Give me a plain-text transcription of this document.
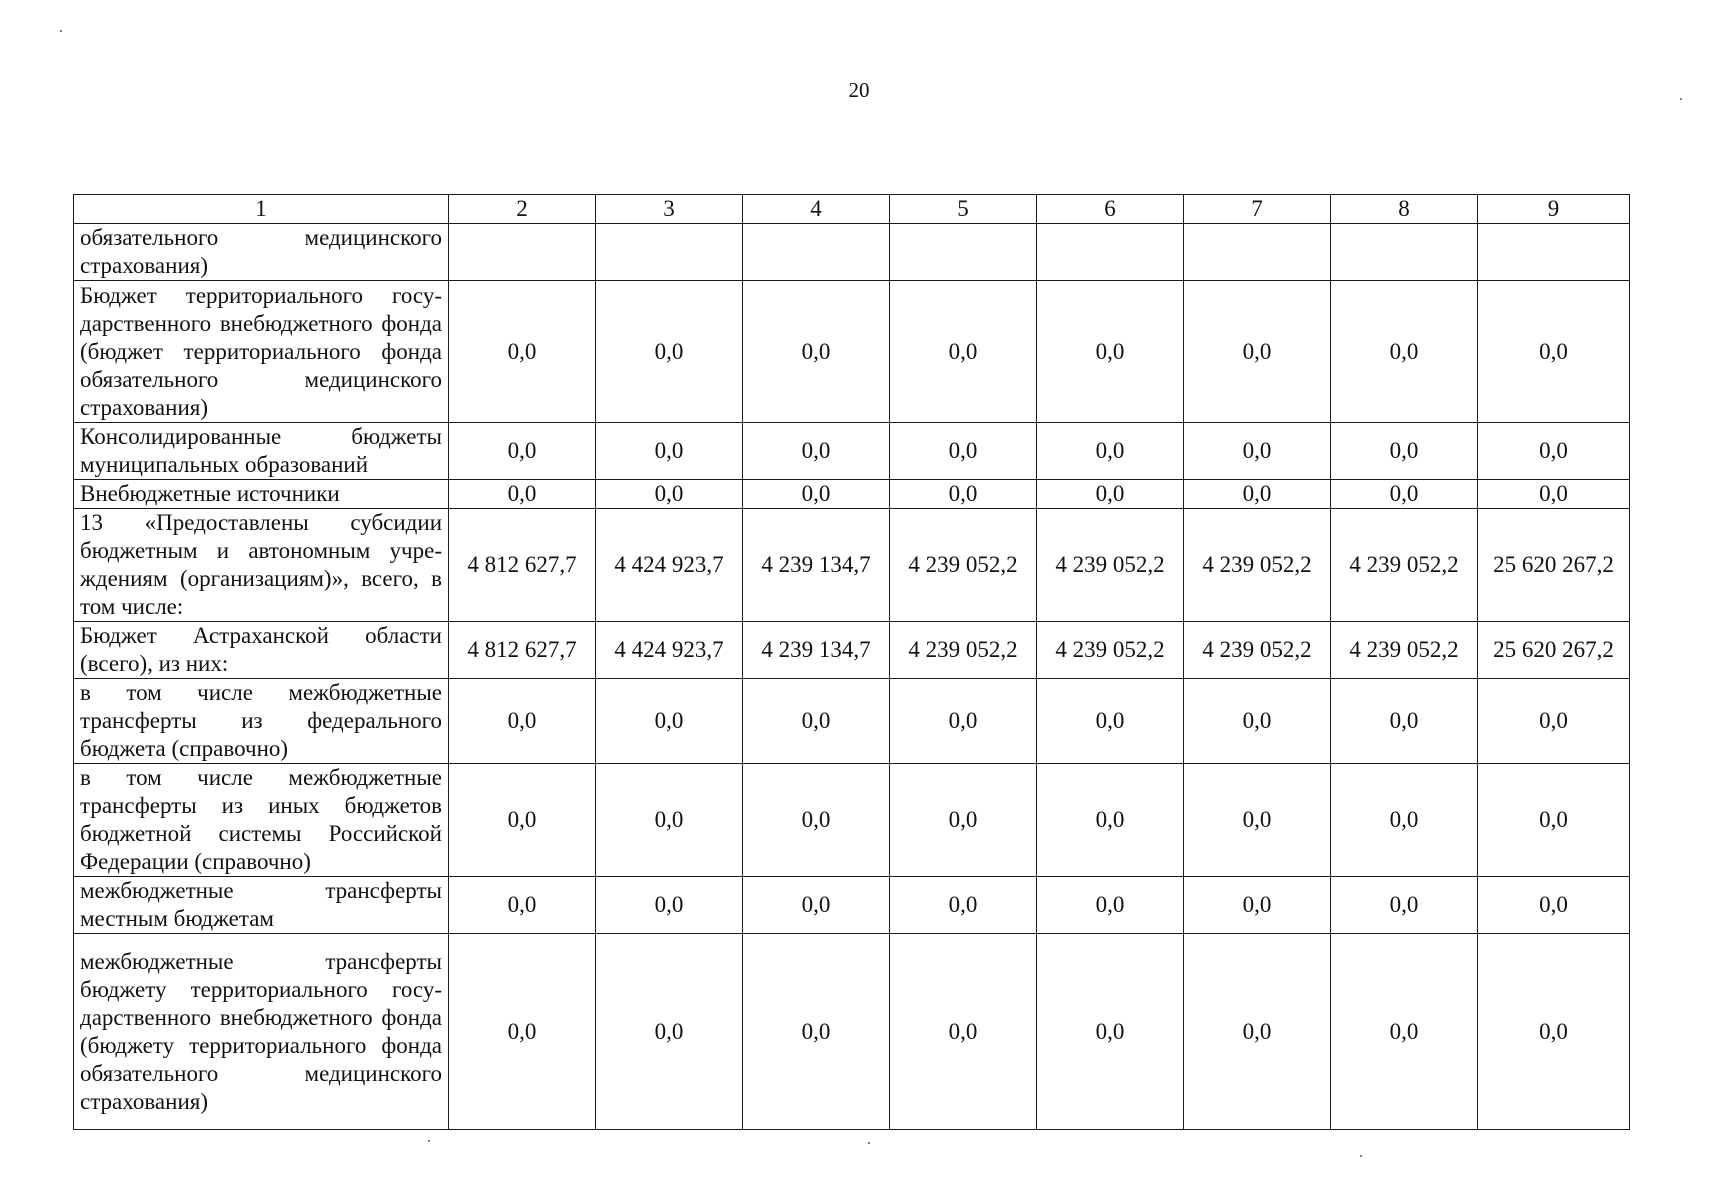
20
1	2	3	4	5	6	7	8	9
обязательного медицинского страхования)								
Бюджет территориального государственного внебюджетного фонда (бюджет территориального фонда обязательного медицинского страхования)	0,0	0,0	0,0	0,0	0,0	0,0	0,0	0,0
Консолидированные бюджеты муниципальных образований	0,0	0,0	0,0	0,0	0,0	0,0	0,0	0,0
Внебюджетные источники	0,0	0,0	0,0	0,0	0,0	0,0	0,0	0,0
13 «Предоставлены субсидии бюджетным и автономным учреждениям (организациям)», всего, в том числе:	4 812 627,7	4 424 923,7	4 239 134,7	4 239 052,2	4 239 052,2	4 239 052,2	4 239 052,2	25 620 267,2
Бюджет Астраханской области (всего), из них:	4 812 627,7	4 424 923,7	4 239 134,7	4 239 052,2	4 239 052,2	4 239 052,2	4 239 052,2	25 620 267,2
в том числе межбюджетные трансферты из федерального бюджета (справочно)	0,0	0,0	0,0	0,0	0,0	0,0	0,0	0,0
в том числе межбюджетные трансферты из иных бюджетов бюджетной системы Российской Федерации (справочно)	0,0	0,0	0,0	0,0	0,0	0,0	0,0	0,0
межбюджетные трансферты местным бюджетам	0,0	0,0	0,0	0,0	0,0	0,0	0,0	0,0
межбюджетные трансферты бюджету территориального государственного внебюджетного фонда (бюджету территориального фонда обязательного медицинского страхования)	0,0	0,0	0,0	0,0	0,0	0,0	0,0	0,0
